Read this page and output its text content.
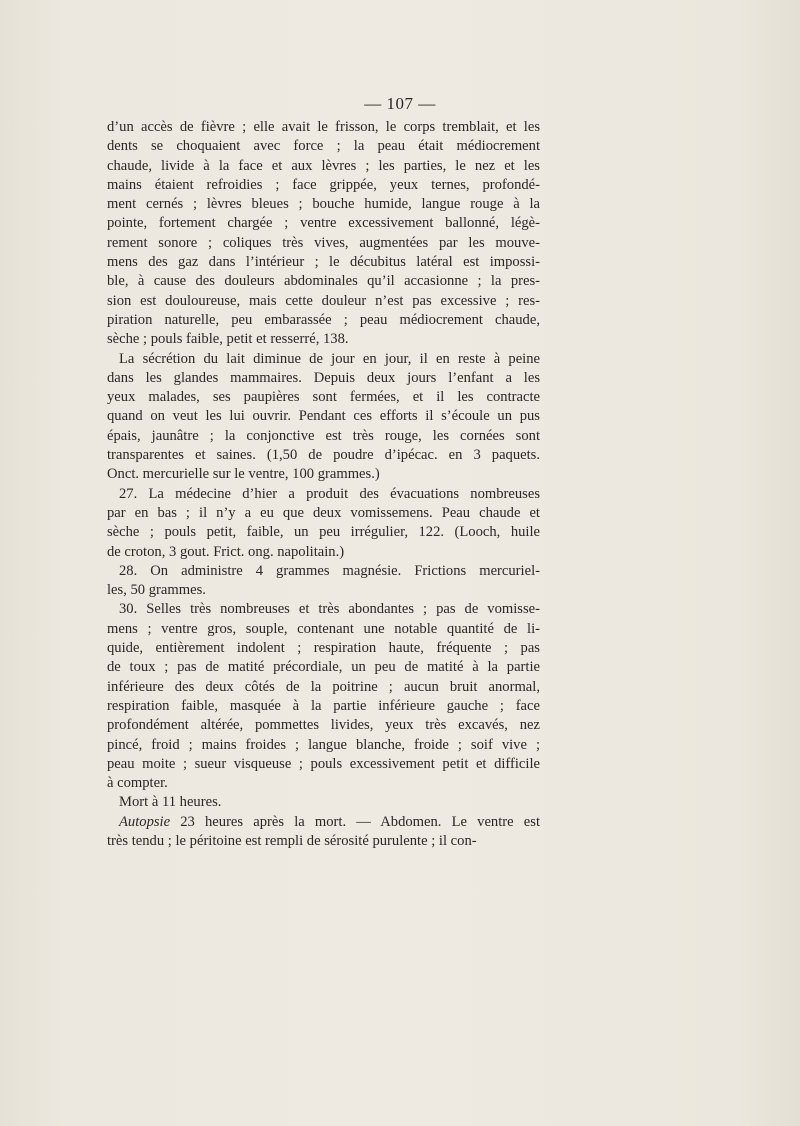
— 107 —
d’un accès de fièvre ; elle avait le frisson, le corps tremblait, et les
dents se choquaient avec force ; la peau était médiocrement
chaude, livide à la face et aux lèvres ; les parties, le nez et les
mains étaient refroidies ; face grippée, yeux ternes, profondé-
ment cernés ; lèvres bleues ; bouche humide, langue rouge à la
pointe, fortement chargée ; ventre excessivement ballonné, légè-
rement sonore ; coliques très vives, augmentées par les mouve-
mens des gaz dans l’intérieur ; le décubitus latéral est impossi-
ble, à cause des douleurs abdominales qu’il accasionne ; la pres-
sion est douloureuse, mais cette douleur n’est pas excessive ; res-
piration naturelle, peu embarassée ; peau médiocrement chaude,
sèche ; pouls faible, petit et resserré, 138.
La sécrétion du lait diminue de jour en jour, il en reste à peine
dans les glandes mammaires. Depuis deux jours l’enfant a les
yeux malades, ses paupières sont fermées, et il les contracte
quand on veut les lui ouvrir. Pendant ces efforts il s’écoule un pus
épais, jaunâtre ; la conjonctive est très rouge, les cornées sont
transparentes et saines. (1,50 de poudre d’ipécac. en 3 paquets.
Onct. mercurielle sur le ventre, 100 grammes.)
27. La médecine d’hier a produit des évacuations nombreuses
par en bas ; il n’y a eu que deux vomissemens. Peau chaude et
sèche ; pouls petit, faible, un peu irrégulier, 122. (Looch, huile
de croton, 3 gout. Frict. ong. napolitain.)
28. On administre 4 grammes magnésie. Frictions mercuriel-
les, 50 grammes.
30. Selles très nombreuses et très abondantes ; pas de vomisse-
mens ; ventre gros, souple, contenant une notable quantité de li-
quide, entièrement indolent ; respiration haute, fréquente ; pas
de toux ; pas de matité précordiale, un peu de matité à la partie
inférieure des deux côtés de la poitrine ; aucun bruit anormal,
respiration faible, masquée à la partie inférieure gauche ; face
profondément altérée, pommettes livides, yeux très excavés, nez
pincé, froid ; mains froides ; langue blanche, froide ; soif vive ;
peau moite ; sueur visqueuse ; pouls excessivement petit et difficile
à compter.
Mort à 11 heures.
Autopsie 23 heures après la mort. — Abdomen. Le ventre est
très tendu ; le péritoine est rempli de sérosité purulente ; il con-
